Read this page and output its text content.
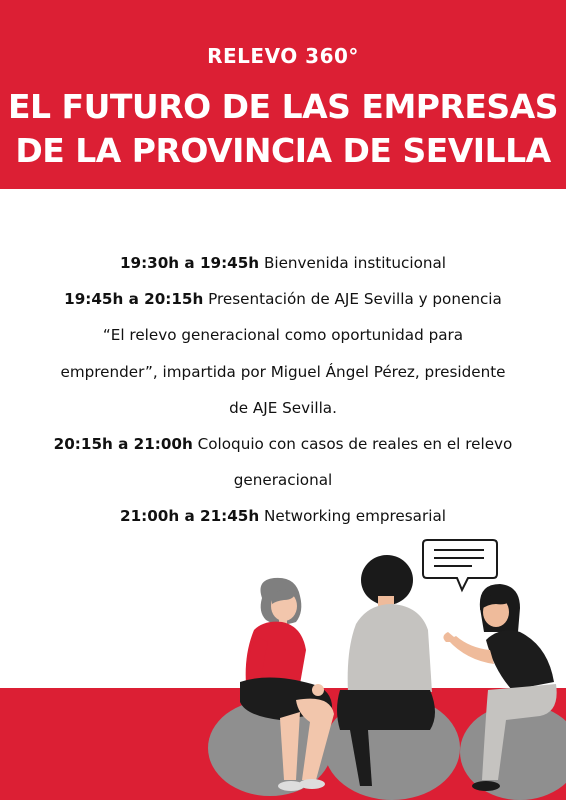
RELEVO 360°
EL FUTURO DE LAS EMPRESAS
DE LA PROVINCIA DE SEVILLA
19:30h a 19:45h Bienvenida institucional
19:45h a 20:15h Presentación de AJE Sevilla y ponencia
“El relevo generacional como oportunidad para
emprender”, impartida por Miguel Ángel Pérez, presidente
de AJE Sevilla.
20:15h a 21:00h Coloquio con casos de reales en el relevo
generacional
21:00h a 21:45h Networking empresarial
